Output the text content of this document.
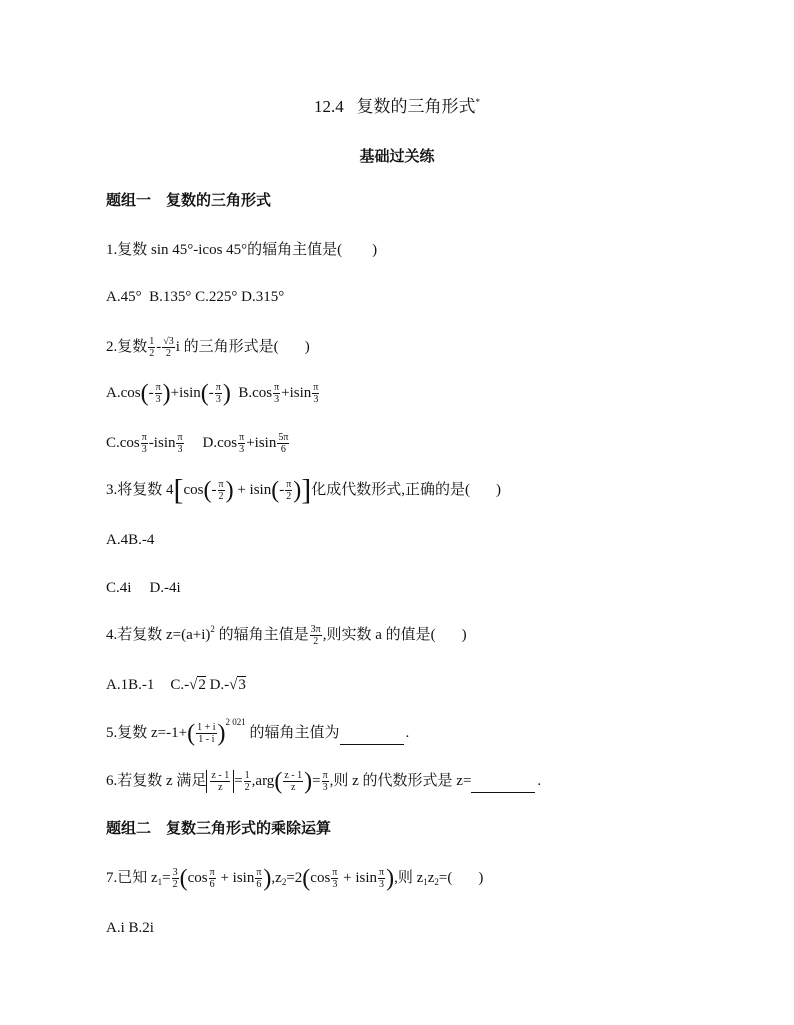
12.4 复数的三角形式*
基础过关练
题组一　复数的三角形式
1.复数 sin 45°-icos 45°的辐角主值是( )
A.45° B.135° C.225° D.315°
2.复数 $\frac{1}{2} - \frac{√3}{2}$ i 的三角形式是( )
$A.\cos(- \frac{\pi}{3} )+isin(- \frac{\pi}{3}$ ) $B.\cos \frac{\pi}{3} +isin \frac{\pi}{3}$
$C.\cos \frac{\pi}{3} -isin \frac{\pi}{3} D.\cos \frac{\pi}{3} +isin \frac{5\pi}{6}$
3.将复数 $4[\cos(- \frac{\pi}{2}$ ) + $isin(- \frac{\pi}{2}$ )]化成代数形式,正确的是( )
A.4B.-4
C.4i D.-4i
4.若复数 $z=(a+i)^2$ 的辐角主值是 $\frac{3\pi}{2}$ ,则实数 a 的值是( )
A.1B.-1 C.-√2 D.-√3
5.复数 $z=-1+( \frac{1 + i}{1 - i} )^{2 021}$ 的辐角主值为	.
6.若复数 z 满足 $\frac{z - 1}{z} = \frac{1}{2} ,arg( \frac{z - 1}{z}$ )= $\frac{\pi}{3}$ ,则 z 的代数形式是 z=	.
题组二　复数三角形式的乘除运算
7.已知 $z_1= \frac{3}{2} (\cos \frac{\pi}{6} + isin \frac{\pi}{6} ),z_2=2(\cos \frac{\pi}{3} + isin \frac{\pi}{3}$ ),则 $z_1z_2=$( )
A.i B.2i
